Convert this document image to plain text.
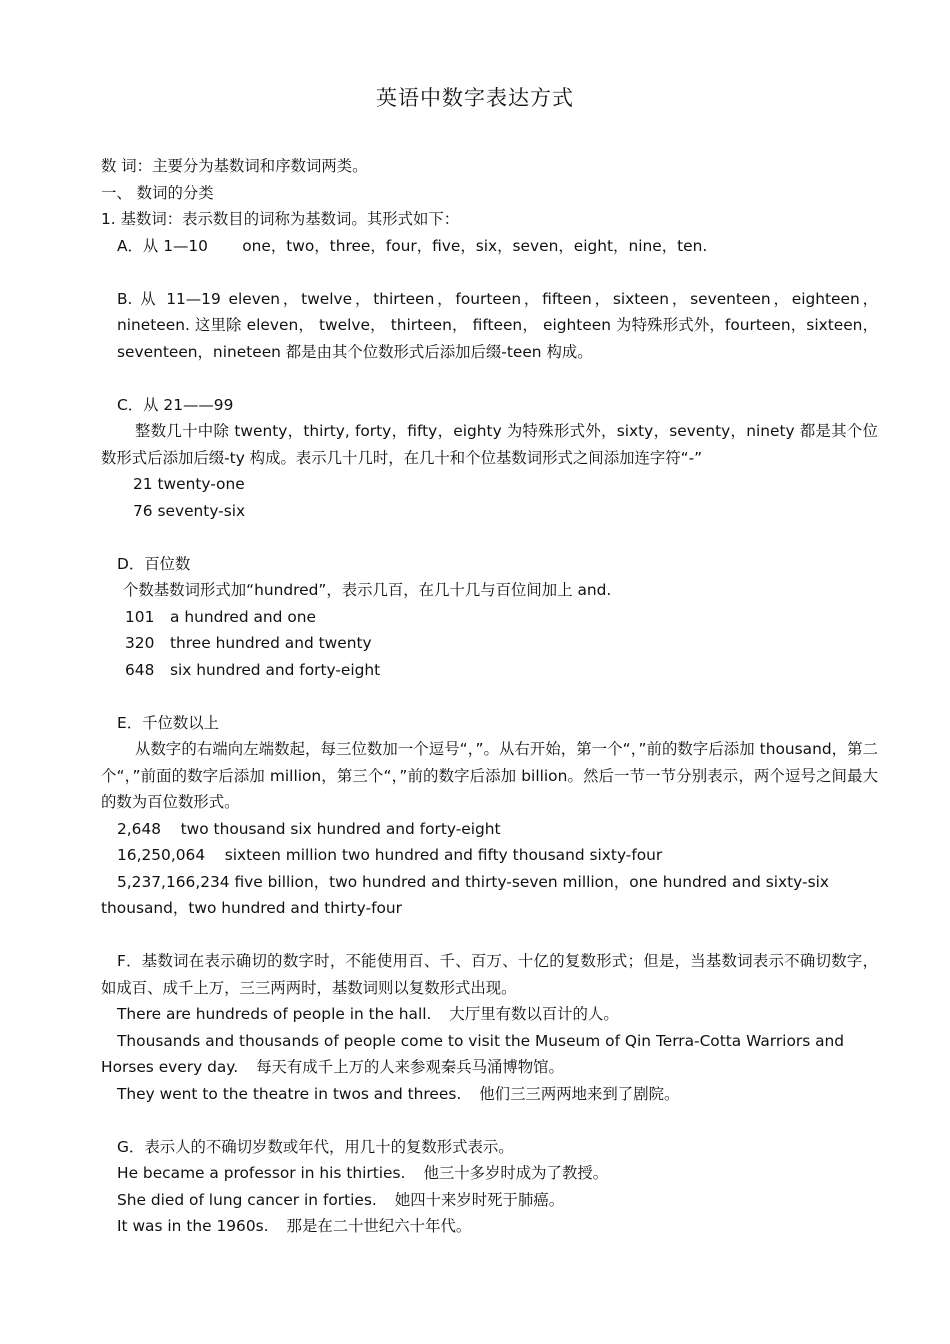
英语中数字表达方式

数 词：主要分为基数词和序数词两类。

一、 数词的分类

1. 基数词：表示数目的词称为基数词。其形式如下：

A．从 1—10       one，two，three，four，five，six，seven，eight，nine，ten.

B. 从 11—19 eleven，twelve，thirteen，fourteen，fifteen，sixteen，seventeen，eighteen，nineteen. 这里除 eleven， twelve， thirteen， fifteen， eighteen 为特殊形式外，fourteen，sixteen，seventeen，nineteen 都是由其个位数形式后添加后缀-teen 构成。

C．从 21——99

整数几十中除 twenty，thirty, forty，fifty，eighty 为特殊形式外，sixty，seventy，ninety 都是其个位数形式后添加后缀-ty 构成。表示几十几时，在几十和个位基数词形式之间添加连字符“-”

21 twenty-one

76 seventy-six

D．百位数

个数基数词形式加“hundred”，表示几百，在几十几与百位间加上 and.

101 a hundred and one

320 three hundred and twenty

648 six hundred and forty-eight

E．千位数以上

从数字的右端向左端数起，每三位数加一个逗号“，”。从右开始，第一个“，”前的数字后添加 thousand，第二个“，”前面的数字后添加 million，第三个“，”前的数字后添加 billion。然后一节一节分别表示，两个逗号之间最大的数为百位数形式。

2,648    two thousand six hundred and forty-eight

16,250,064    sixteen million two hundred and fifty thousand sixty-four

5,237,166,234 five billion，two hundred and thirty-seven million，one hundred and sixty-six thousand，two hundred and thirty-four

F．基数词在表示确切的数字时，不能使用百、千、百万、十亿的复数形式；但是，当基数词表示不确切数字，如成百、成千上万，三三两两时，基数词则以复数形式出现。

There are hundreds of people in the hall. 大厅里有数以百计的人。

Thousands and thousands of people come to visit the Museum of Qin Terra-Cotta Warriors and Horses every day. 每天有成千上万的人来参观秦兵马涌博物馆。

They went to the theatre in twos and threes. 他们三三两两地来到了剧院。

G．表示人的不确切岁数或年代，用几十的复数形式表示。

He became a professor in his thirties. 他三十多岁时成为了教授。

She died of lung cancer in forties. 她四十来岁时死于肺癌。

It was in the 1960s. 那是在二十世纪六十年代。
